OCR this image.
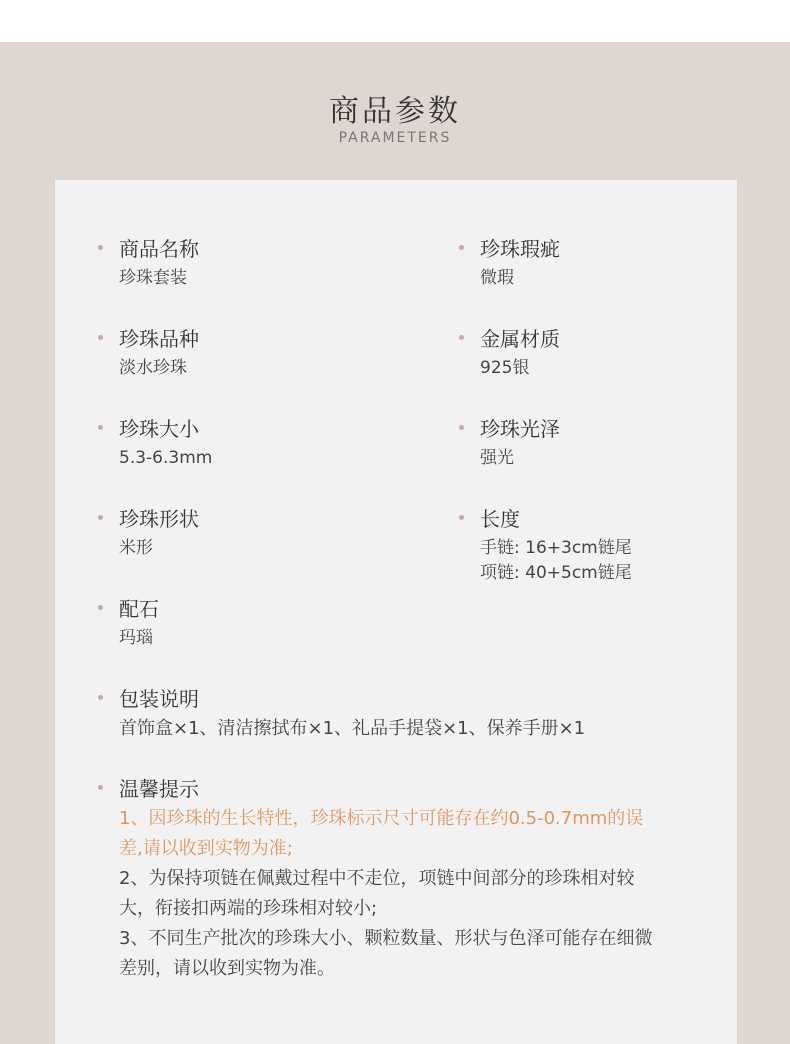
商品参数
PARAMETERS
商品名称
珍珠套装
珍珠品种
淡水珍珠
珍珠大小
5.3-6.3mm
珍珠形状
米形
配石
玛瑙
珍珠瑕疵
微瑕
金属材质
925银
珍珠光泽
强光
长度
手链: 16+3cm链尾
项链: 40+5cm链尾
包装说明
首饰盒×1、清洁擦拭布×1、礼品手提袋×1、保养手册×1
温馨提示
1、因珍珠的生长特性，珍珠标示尺寸可能存在约0.5-0.7mm的误差,请以收到实物为准;
2、为保持项链在佩戴过程中不走位，项链中间部分的珍珠相对较大，衔接扣两端的珍珠相对较小;
3、不同生产批次的珍珠大小、颗粒数量、形状与色泽可能存在细微差别，请以收到实物为准。
